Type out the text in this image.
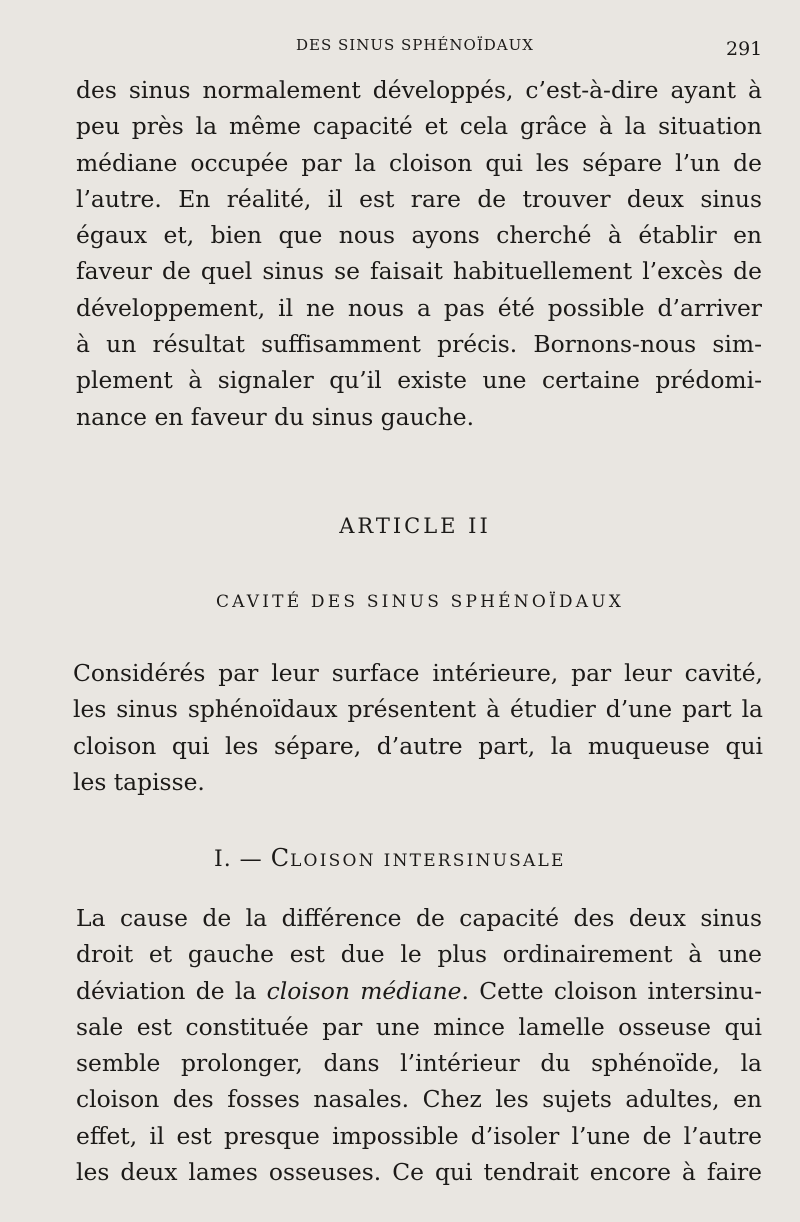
DES SINUS SPHÉNOÏDAUX	291
des sinus normalement développés, c’est-à-dire ayant à
peu près la même capacité et cela grâce à la situation
médiane occupée par la cloison qui les sépare l’un de
l’autre. En réalité, il est rare de trouver deux sinus
égaux et, bien que nous ayons cherché à établir en
faveur de quel sinus se faisait habituellement l’excès de
développement, il ne nous a pas été possible d’arriver
à un résultat suffisamment précis. Bornons-nous sim-
plement à signaler qu’il existe une certaine prédomi-
nance en faveur du sinus gauche.
ARTICLE II
CAVITÉ DES SINUS SPHÉNOÏDAUX
Considérés par leur surface intérieure, par leur cavité,
les sinus sphénoïdaux présentent à étudier d’une part la
cloison qui les sépare, d’autre part, la muqueuse qui
les tapisse.
I. — CLOISON INTERSINUSALE
La cause de la différence de capacité des deux sinus
droit et gauche est due le plus ordinairement à une
déviation de la cloison médiane. Cette cloison intersinu-
sale est constituée par une mince lamelle osseuse qui
semble prolonger, dans l’intérieur du sphénoïde, la
cloison des fosses nasales. Chez les sujets adultes, en
effet, il est presque impossible d’isoler l’une de l’autre
les deux lames osseuses. Ce qui tendrait encore à faire
